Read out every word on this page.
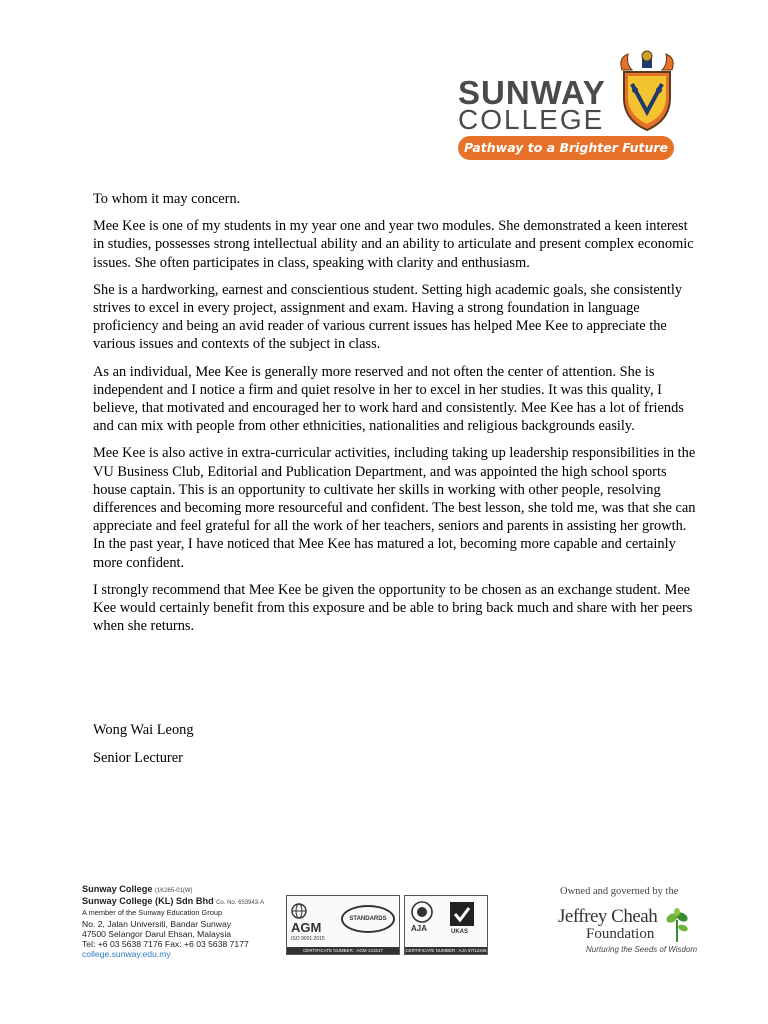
SUNWAY
COLLEGE
Pathway to a Brighter Future

To whom it may concern.

Mee Kee is one of my students in my year one and year two modules. She demonstrated a keen interest in studies, possesses strong intellectual ability and an ability to articulate and present complex economic issues. She often participates in class, speaking with clarity and enthusiasm.

She is a hardworking, earnest and conscientious student. Setting high academic goals, she consistently strives to excel in every project, assignment and exam. Having a strong foundation in language proficiency and being an avid reader of various current issues has helped Mee Kee to appreciate the various issues and contexts of the subject in class.

As an individual, Mee Kee is generally more reserved and not often the center of attention. She is independent and I notice a firm and quiet resolve in her to excel in her studies. It was this quality, I believe, that motivated and encouraged her to work hard and consistently. Mee Kee has a lot of friends and can mix with people from other ethnicities, nationalities and religious backgrounds easily.

Mee Kee is also active in extra-curricular activities, including taking up leadership responsibilities in the VU Business Club, Editorial and Publication Department, and was appointed the high school sports house captain. This is an opportunity to cultivate her skills in working with other people, resolving differences and becoming more resourceful and confident. The best lesson, she told me, was that she can appreciate and feel grateful for all the work of her teachers, seniors and parents in assisting her growth. In the past year, I have noticed that Mee Kee has matured a lot, becoming more capable and certainly more confident.

I strongly recommend that Mee Kee be given the opportunity to be chosen as an exchange student. Mee Kee would certainly benefit from this exposure and be able to bring back much and share with her peers when she returns.

Wong Wai Leong
Senior Lecturer
Sunway College (1K265-01(W)
Sunway College (KL) Sdn Bhd Co. No. 653943-A
A member of the Sunway Education Group
No. 2, Jalan Universiti, Bandar Sunway
47500 Selangor Darul Ehsan, Malaysia
Tel: +6 03 5638 7176 Fax: +6 03 5638 7177
college.sunway.edu.my
AGM
ISO 9001:2015
STANDARDS
CERTIFICATE NUMBER : AGM 141517
AJA	UKAS
CERTIFICATE NUMBER : AJA 07/12345
Owned and governed by the
Jeffrey Cheah
Foundation
Nurturing the Seeds of Wisdom
